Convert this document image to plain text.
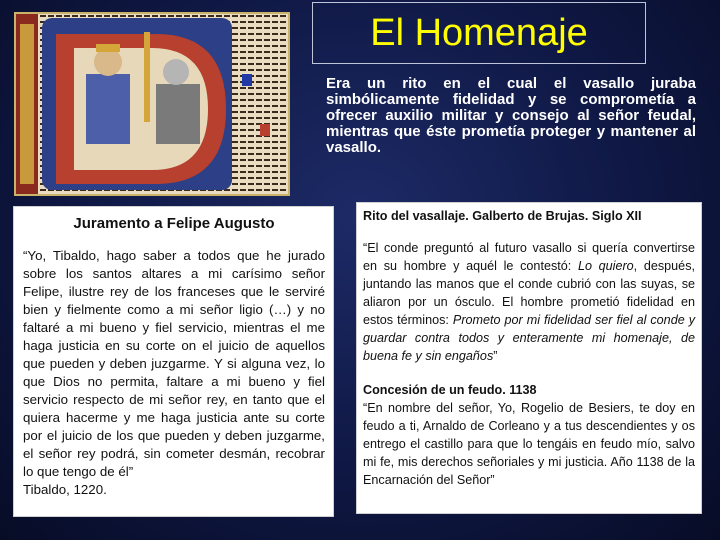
El Homenaje
Era un rito en el cual el vasallo juraba simbólicamente fidelidad y se comprometía a ofrecer auxilio militar y consejo al señor feudal, mientras que éste prometía proteger y mantener al vasallo.
Juramento a Felipe Augusto
“Yo, Tibaldo, hago saber a todos que he jurado sobre los santos altares a mi carísimo señor Felipe, ilustre rey de los franceses que le serviré bien y fielmente como a mi señor ligio (…) y no faltaré a mi bueno y fiel servicio, mientras el me haga justicia en su corte on el juicio de aquellos que pueden y deben juzgarme. Y si alguna vez, lo que Dios no permita, faltare a mi bueno y fiel servicio respecto de mi señor rey, en tanto que el quiera hacerme y me haga justicia ante su corte por el juicio de los que pueden y deben juzgarme, el señor rey podrá, sin cometer desmán, recobrar lo que tengo de él”
Tibaldo, 1220.
Rito del vasallaje. Galberto de Brujas. Siglo XII
“El conde preguntó al futuro vasallo si quería convertirse en su hombre y aquél le contestó: Lo quiero, después, juntando las manos que el conde cubrió con las suyas, se aliaron por un ósculo. El hombre prometió fidelidad en estos términos: Prometo por mi fidelidad ser fiel al conde y guardar contra todos y enteramente mi homenaje, de buena fe y sin engaños”
Concesión de un feudo. 1138
“En nombre del señor, Yo, Rogelio de Besiers, te doy en feudo a ti, Arnaldo de Corleano y a tus descendientes y os entrego el castillo para que lo tengáis en feudo mío, salvo mi fe, mis derechos señoriales y mi justicia. Año 1138 de la Encarnación del Señor”
